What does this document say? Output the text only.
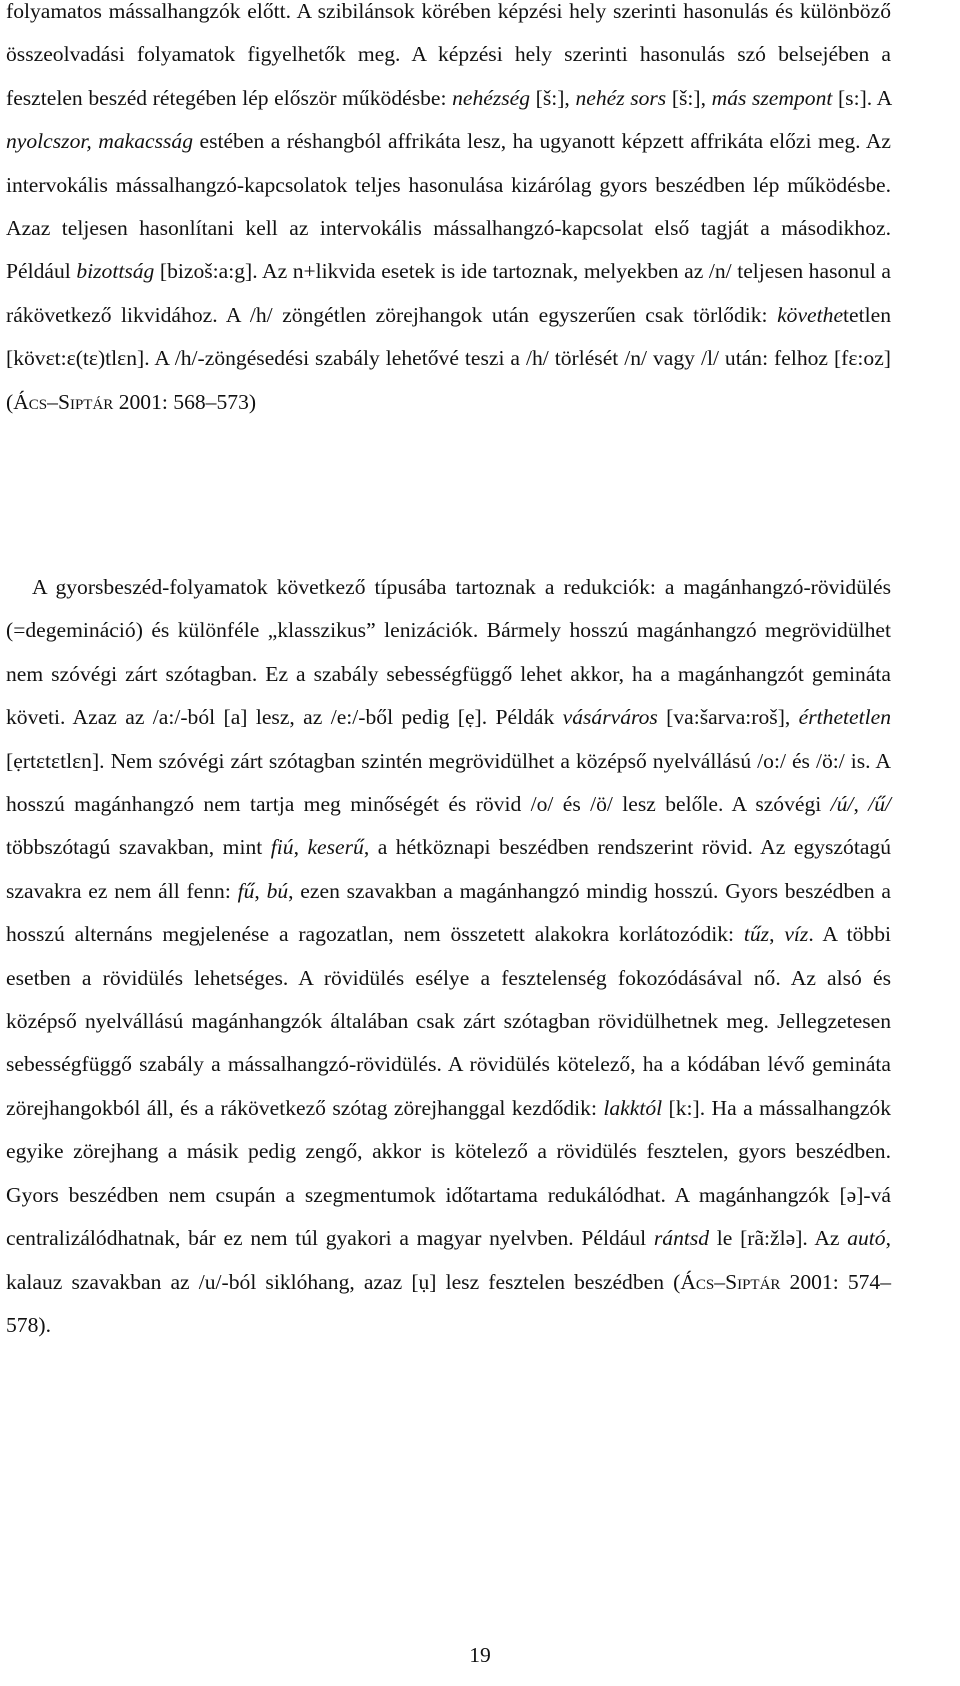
folyamatos mássalhangzók előtt. A szibilánsok körében képzési hely szerinti hasonulás és különböző összeolvadási folyamatok figyelhetők meg. A képzési hely szerinti hasonulás szó belsejében a fesztelen beszéd rétegében lép először működésbe: nehézség [š:], nehéz sors [š:], más szempont [s:]. A nyolcszor, makacsság estében a réshangból affrikáta lesz, ha ugyanott képzett affrikáta előzi meg. Az intervokális mássalhangzó-kapcsolatok teljes hasonulása kizárólag gyors beszédben lép működésbe. Azaz teljesen hasonlítani kell az intervokális mássalhangzó-kapcsolat első tagját a másodikhoz. Például bizottság [bizoš:a:g]. Az n+likvida esetek is ide tartoznak, melyekben az /n/ teljesen hasonul a rákövetkező likvidához. A /h/ zöngétlen zörejhangok után egyszerűen csak törlődik: követhetetlen [kövɛt:ɛ(tɛ)tlɛn]. A /h/-zöngésedési szabály lehetővé teszi a /h/ törlését /n/ vagy /l/ után: felhoz [fɛ:oz] (Ács–Siptár 2001: 568–573)

A gyorsbeszéd-folyamatok következő típusába tartoznak a redukciók: a magánhangzó-rövidülés (=degemináció) és különféle „klasszikus” lenizációk. Bármely hosszú magánhangzó megrövidülhet nem szóvégi zárt szótagban. Ez a szabály sebességfüggő lehet akkor, ha a magánhangzót gemináta követi. Azaz az /a:/-ból [a] lesz, az /e:/-ből pedig [ẹ]. Példák vásárváros [va:šarva:roš], érthetetlen [ẹrtɛtɛtlɛn]. Nem szóvégi zárt szótagban szintén megrövidülhet a középső nyelvállású /o:/ és /ö:/ is. A hosszú magánhangzó nem tartja meg minőségét és rövid /o/ és /ö/ lesz belőle. A szóvégi /ú/, /ű/ többszótagú szavakban, mint fiú, keserű, a hétköznapi beszédben rendszerint rövid. Az egyszótagú szavakra ez nem áll fenn: fű, bú, ezen szavakban a magánhangzó mindig hosszú. Gyors beszédben a hosszú alternáns megjelenése a ragozatlan, nem összetett alakokra korlátozódik: tűz, víz. A többi esetben a rövidülés lehetséges. A rövidülés esélye a fesztelenség fokozódásával nő. Az alsó és középső nyelvállású magánhangzók általában csak zárt szótagban rövidülhetnek meg. Jellegzetesen sebességfüggő szabály a mássalhangzó-rövidülés. A rövidülés kötelező, ha a kódában lévő gemináta zörejhangokból áll, és a rákövetkező szótag zörejhanggal kezdődik: lakktól [k:]. Ha a mássalhangzók egyike zörejhang a másik pedig zengő, akkor is kötelező a rövidülés fesztelen, gyors beszédben. Gyors beszédben nem csupán a szegmentumok időtartama redukálódhat. A magánhangzók [ə]-vá centralizálódhatnak, bár ez nem túl gyakori a magyar nyelvben. Például rántsd le [rã:žlə]. Az autó, kalauz szavakban az /u/-ból siklóhang, azaz [ụ] lesz fesztelen beszédben (Ács–Siptár 2001: 574–578).

19
